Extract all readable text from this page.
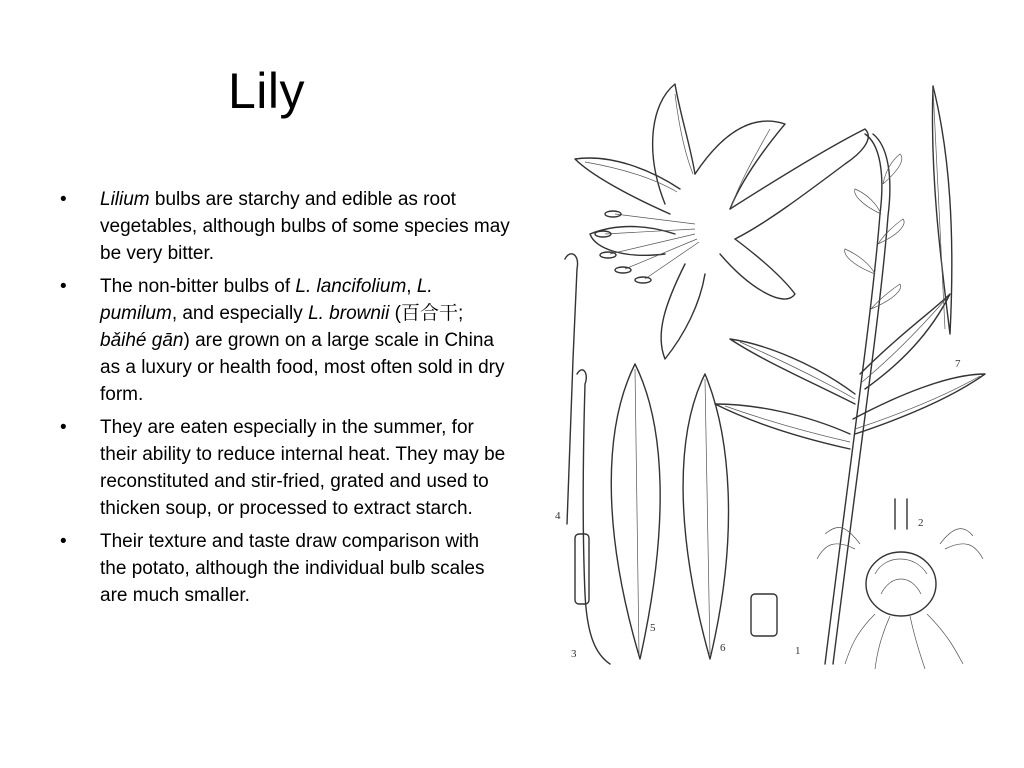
Lily
•	Lilium bulbs are starchy and edible as root vegetables, although bulbs of some species may be very bitter.
•	The non-bitter bulbs of L. lancifolium, L. pumilum, and especially L. brownii (百合干; bǎihé gān) are grown on a large scale in China as a luxury or health food, most often sold in dry form.
•	They are eaten especially in the summer, for their ability to reduce internal heat. They may be reconstituted and stir-fried, grated and used to thicken soup, or processed to extract starch.
•	Their texture and taste draw comparison with the potato, although the individual bulb scales are much smaller.
1
2
3
4
5
6
7
